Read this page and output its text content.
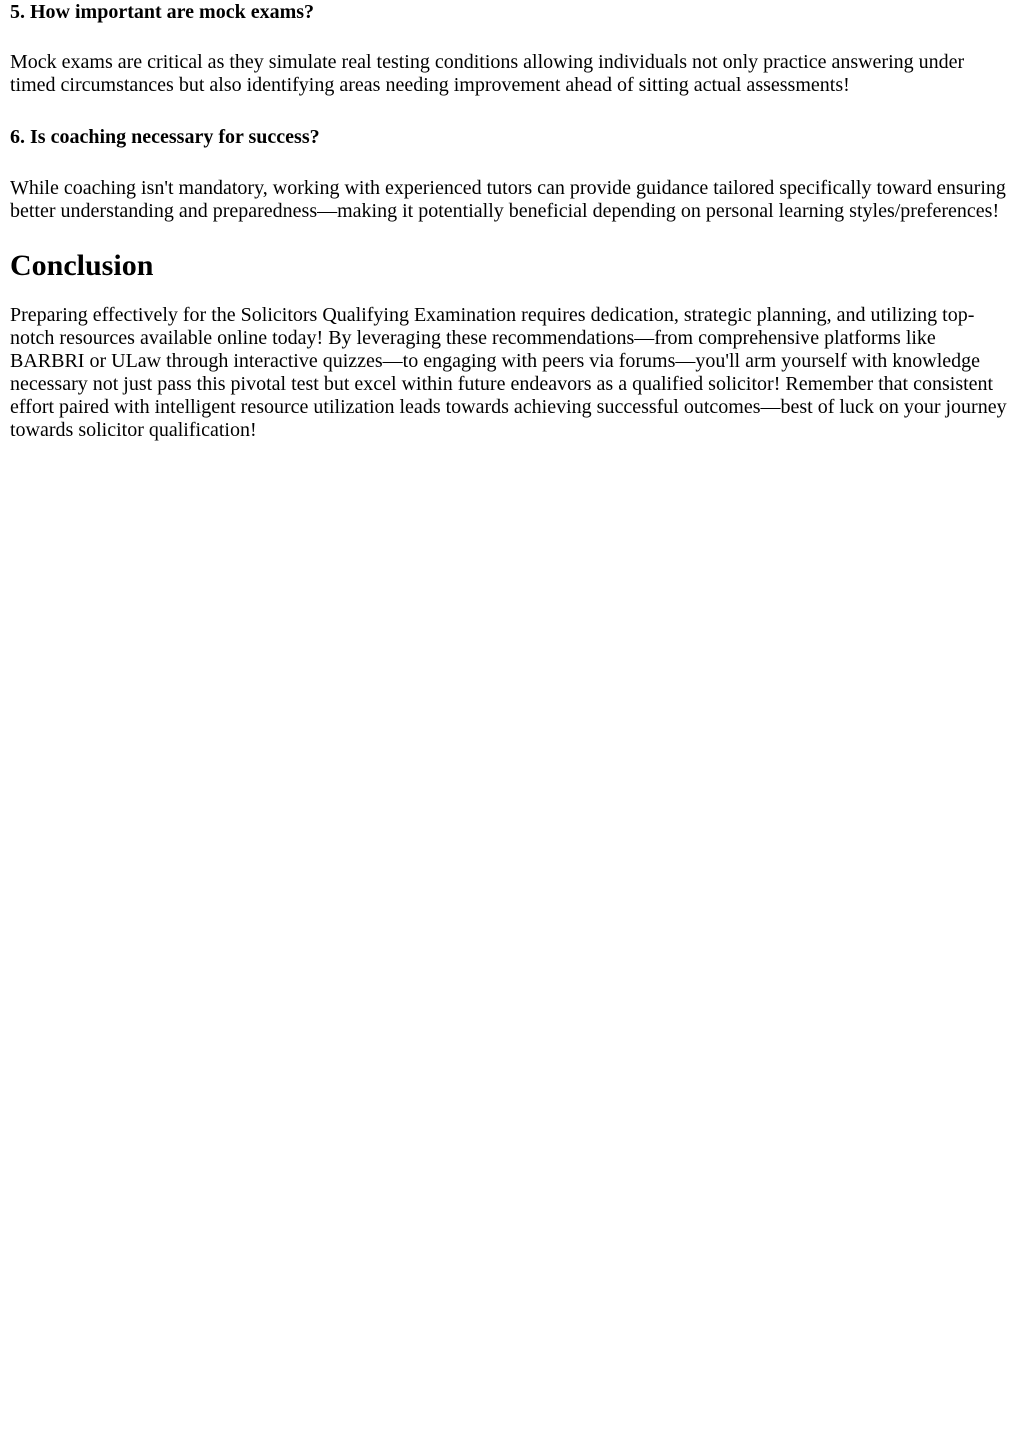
5. How important are mock exams?

Mock exams are critical as they simulate real testing conditions allowing individuals not only practice answering under timed circumstances but also identifying areas needing improvement ahead of sitting actual assessments!

6. Is coaching necessary for success?

While coaching isn't mandatory, working with experienced tutors can provide guidance tailored specifically toward ensuring better understanding and preparedness—making it potentially beneficial depending on personal learning styles/preferences!

Conclusion

Preparing effectively for the Solicitors Qualifying Examination requires dedication, strategic planning, and utilizing top-notch resources available online today! By leveraging these recommendations—from comprehensive platforms like BARBRI or ULaw through interactive quizzes—to engaging with peers via forums—you'll arm yourself with knowledge necessary not just pass this pivotal test but excel within future endeavors as a qualified solicitor! Remember that consistent effort paired with intelligent resource utilization leads towards achieving successful outcomes—best of luck on your journey towards solicitor qualification!
